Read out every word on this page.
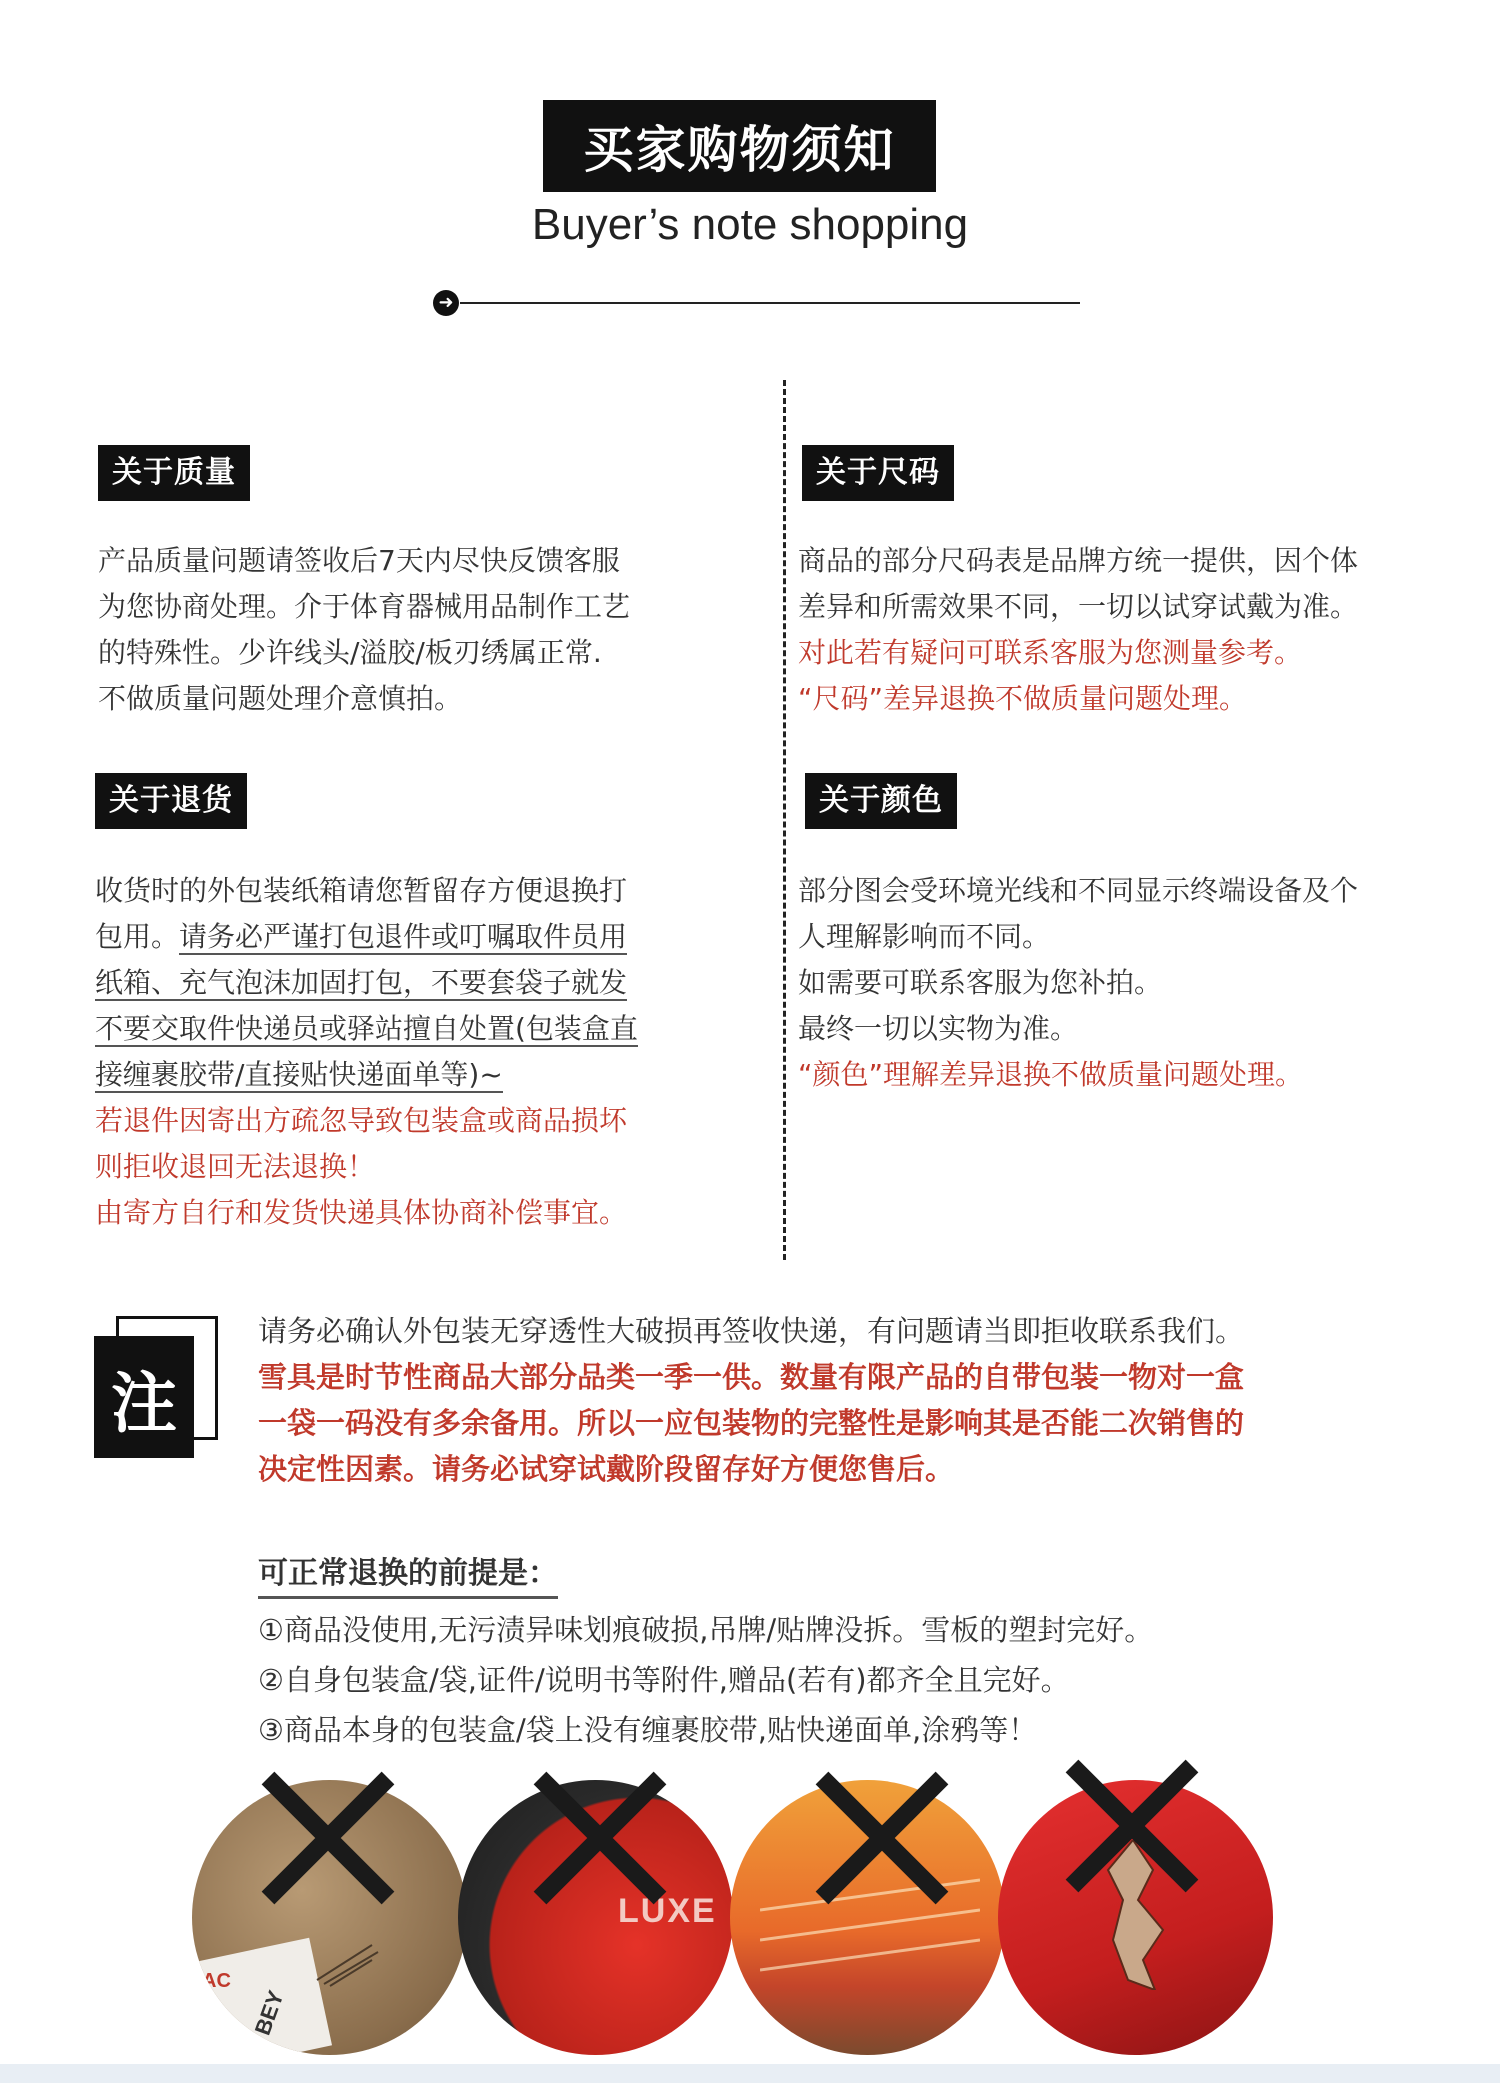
买家购物须知
Buyer’s note shopping
➜
关于质量

产品质量问题请签收后7天内尽快反馈客服

为您协商处理。介于体育器械用品制作工艺

的特殊性。少许线头/溢胶/板刃绣属正常.

不做质量问题处理介意慎拍。

关于尺码

商品的部分尺码表是品牌方统一提供，因个体

差异和所需效果不同，一切以试穿试戴为准。

对此若有疑问可联系客服为您测量参考。

“尺码”差异退换不做质量问题处理。

关于退货

收货时的外包装纸箱请您暂留存方便退换打

包用。请务必严谨打包退件或叮嘱取件员用

纸箱、充气泡沫加固打包，不要套袋子就发

不要交取件快递员或驿站擅自处置(包装盒直

接缠裹胶带/直接贴快递面单等)~

若退件因寄出方疏忽导致包装盒或商品损坏

则拒收退回无法退换！

由寄方自行和发货快递具体协商补偿事宜。

关于颜色

部分图会受环境光线和不同显示终端设备及个

人理解影响而不同。

如需要可联系客服为您补拍。

最终一切以实物为准。

“颜色”理解差异退换不做质量问题处理。

注

请务必确认外包装无穿透性大破损再签收快递，有问题请当即拒收联系我们。

雪具是时节性商品大部分品类一季一供。数量有限产品的自带包装一物对一盒

一袋一码没有多余备用。所以一应包装物的完整性是影响其是否能二次销售的

决定性因素。请务必试穿试戴阶段留存好方便您售后。

可正常退换的前提是：

①商品没使用,无污渍异味划痕破损,吊牌/贴牌没拆。雪板的塑封完好。

②自身包装盒/袋,证件/说明书等附件,赠品(若有)都齐全且完好。

③商品本身的包装盒/袋上没有缠裹胶带,贴快递面单,涂鸦等！

AC
BEY
LUXE
